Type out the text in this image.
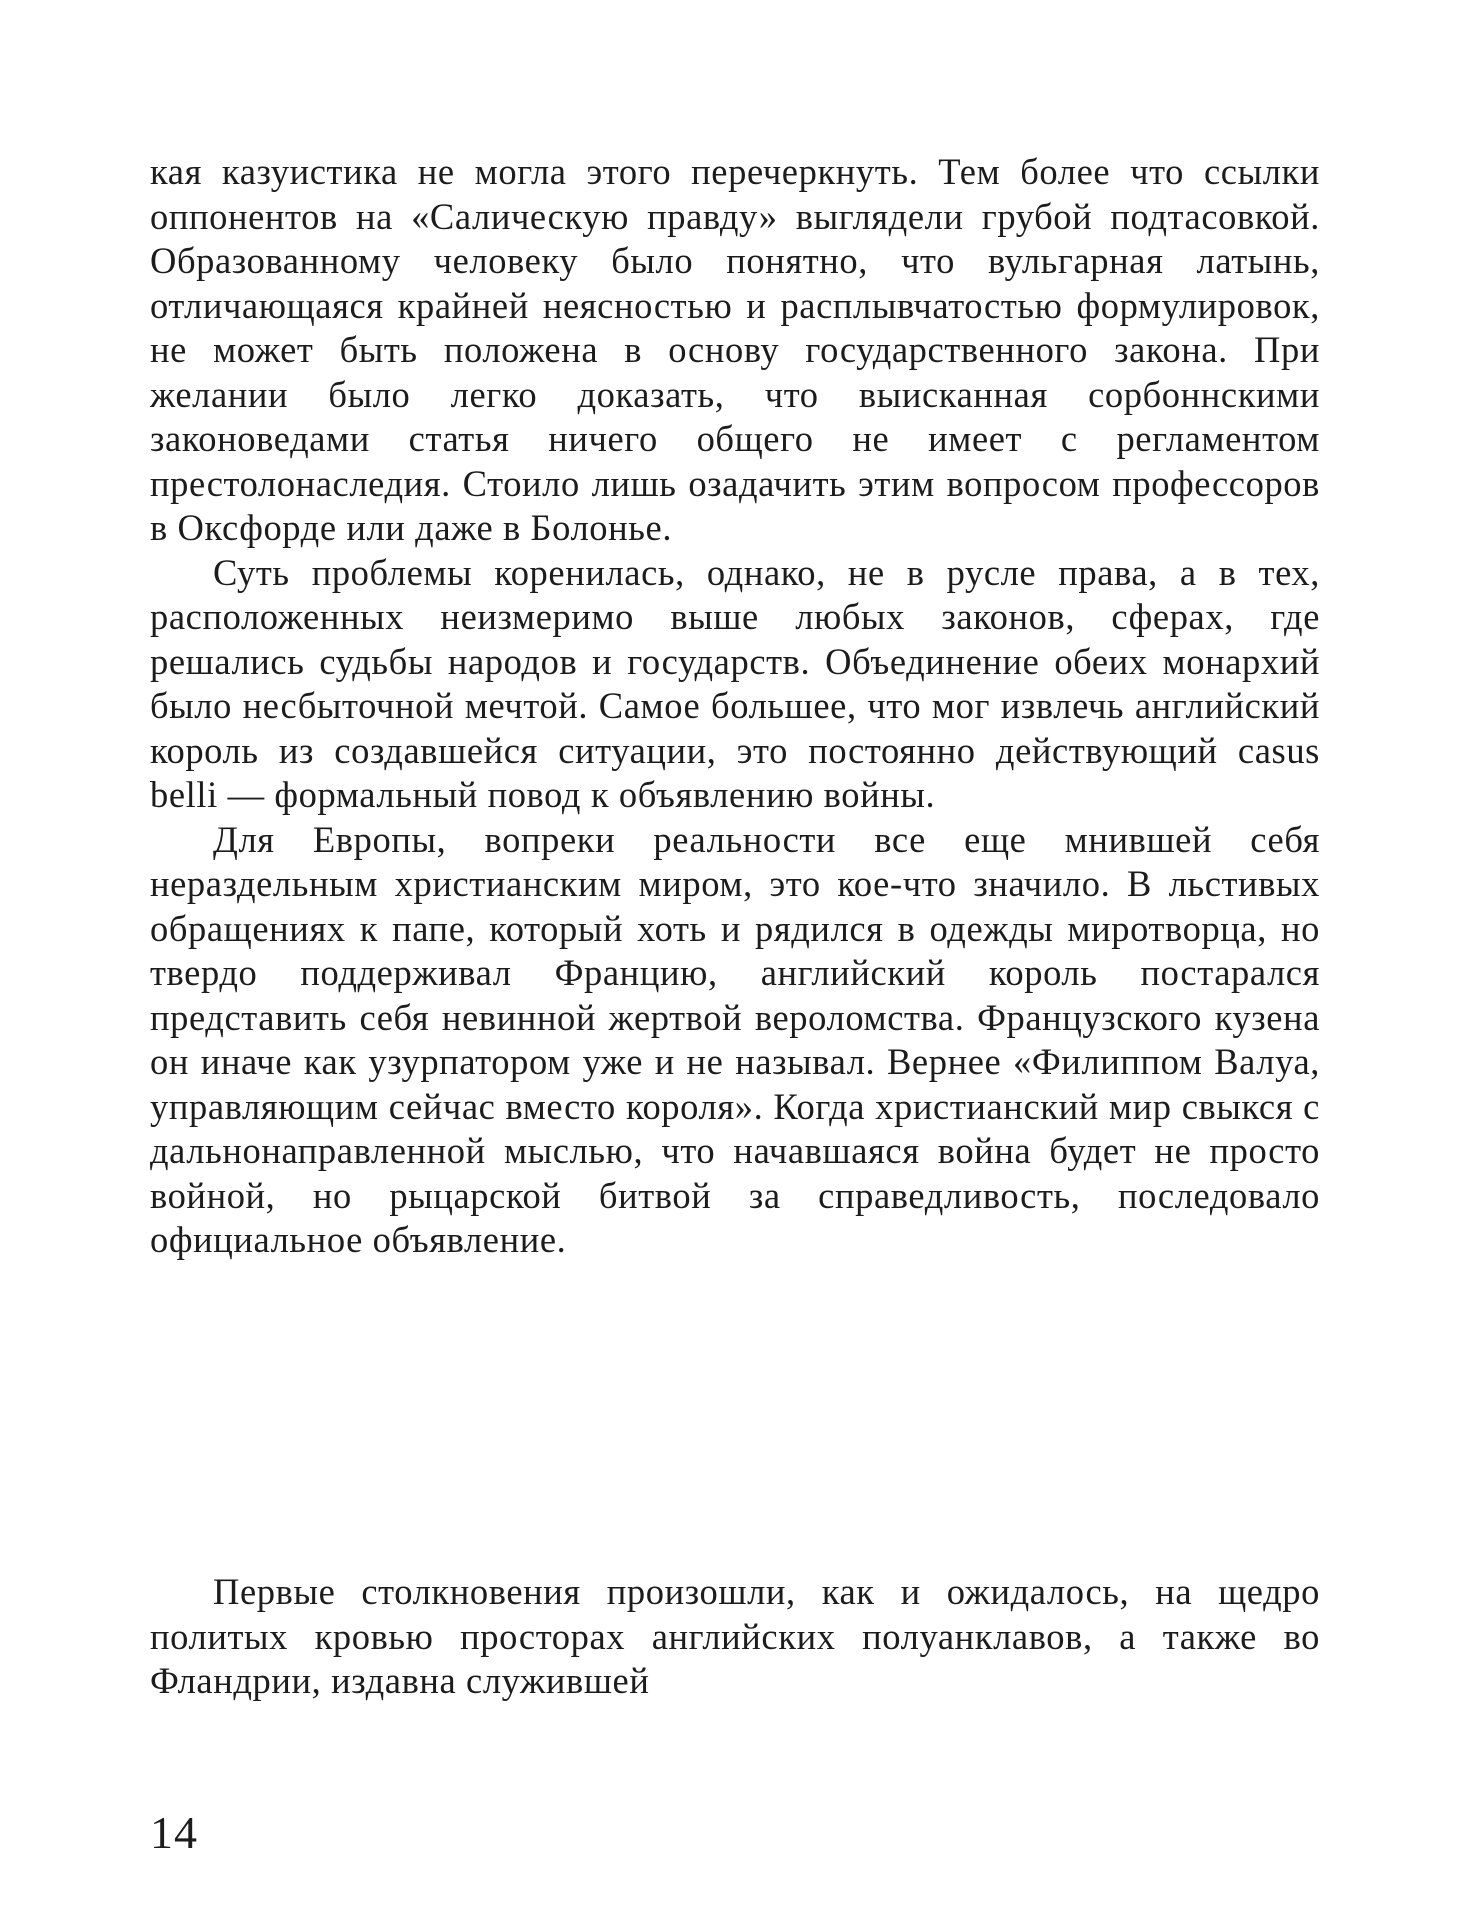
кая казуистика не могла этого перечеркнуть. Тем более что ссылки оппонентов на «Салическую правду» выглядели грубой подтасовкой. Образованному человеку было понятно, что вульгарная латынь, отличающаяся крайней неясностью и расплывчатостью формулировок, не может быть положена в основу государственного закона. При желании было легко доказать, что выисканная сорбоннскими законоведами статья ничего общего не имеет с регламентом престолонаследия. Стоило лишь озадачить этим вопросом профессоров в Оксфорде или даже в Болонье.

Суть проблемы коренилась, однако, не в русле права, а в тех, расположенных неизмеримо выше любых законов, сферах, где решались судьбы народов и государств. Объединение обеих монархий было несбыточной мечтой. Самое большее, что мог извлечь английский король из создавшейся ситуации, это постоянно действующий casus belli — формальный повод к объявлению войны.

Для Европы, вопреки реальности все еще мнившей себя нераздельным христианским миром, это кое-что значило. В льстивых обращениях к папе, который хоть и рядился в одежды миротворца, но твердо поддерживал Францию, английский король постарался представить себя невинной жертвой вероломства. Французского кузена он иначе как узурпатором уже и не называл. Вернее «Филиппом Валуа, управляющим сейчас вместо короля». Когда христианский мир свыкся с дальнонаправленной мыслью, что начавшаяся война будет не просто войной, но рыцарской битвой за справедливость, последовало официальное объявление.

Первые столкновения произошли, как и ожидалось, на щедро политых кровью просторах английских полуанклавов, а также во Фландрии, издавна служившей

14
